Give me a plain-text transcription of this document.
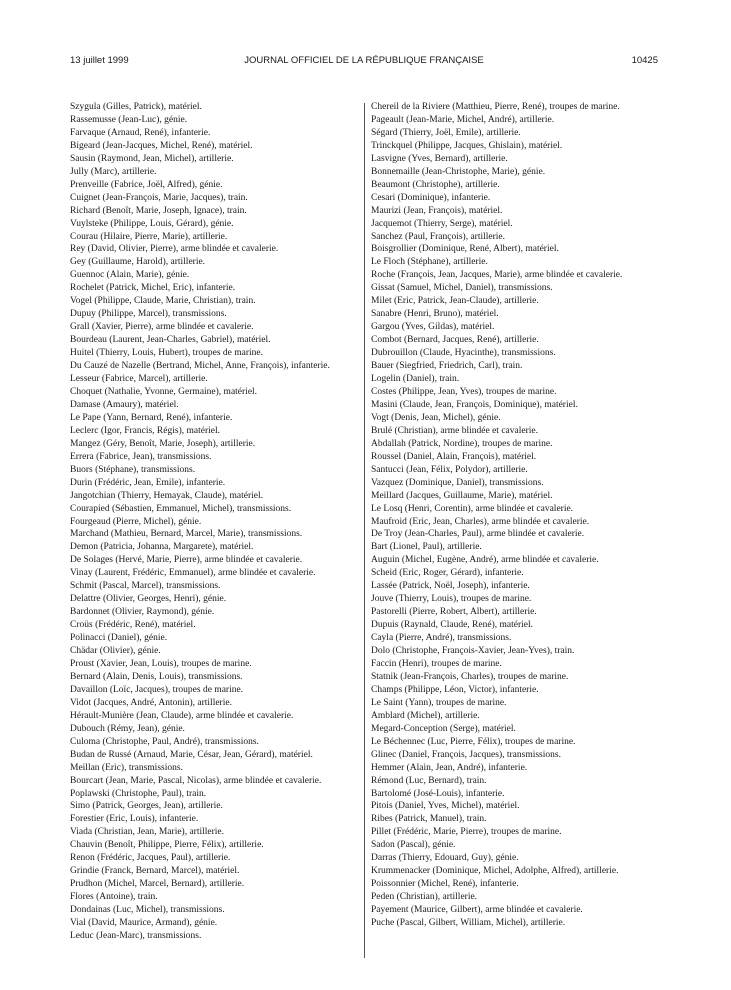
13 juillet 1999	JOURNAL OFFICIEL DE LA RÉPUBLIQUE FRANÇAISE	10425
Szygula (Gilles, Patrick), matériel.
Rassemusse (Jean-Luc), génie.
Farvaque (Arnaud, René), infanterie.
Bigeard (Jean-Jacques, Michel, René), matériel.
Sausin (Raymond, Jean, Michel), artillerie.
Jully (Marc), artillerie.
Prenveille (Fabrice, Joël, Alfred), génie.
Cuignet (Jean-François, Marie, Jacques), train.
Richard (Benoît, Marie, Joseph, Ignace), train.
Vuylsteke (Philippe, Louis, Gérard), génie.
Courau (Hilaire, Pierre, Marie), artillerie.
Rey (David, Olivier, Pierre), arme blindée et cavalerie.
Gey (Guillaume, Harold), artillerie.
Guennoc (Alain, Marie), génie.
Rochelet (Patrick, Michel, Eric), infanterie.
Vogel (Philippe, Claude, Marie, Christian), train.
Dupuy (Philippe, Marcel), transmissions.
Grall (Xavier, Pierre), arme blindée et cavalerie.
Bourdeau (Laurent, Jean-Charles, Gabriel), matériel.
Huitel (Thierry, Louis, Hubert), troupes de marine.
Du Cauzé de Nazelle (Bertrand, Michel, Anne, François), infanterie.
Lesseur (Fabrice, Marcel), artillerie.
Choquet (Nathalie, Yvonne, Germaine), matériel.
Damase (Amaury), matériel.
Le Pape (Yann, Bernard, René), infanterie.
Leclerc (Igor, Francis, Régis), matériel.
Mangez (Géry, Benoît, Marie, Joseph), artillerie.
Errera (Fabrice, Jean), transmissions.
Buors (Stéphane), transmissions.
Durin (Frédéric, Jean, Emile), infanterie.
Jangotchian (Thierry, Hemayak, Claude), matériel.
Courapied (Sébastien, Emmanuel, Michel), transmissions.
Fourgeaud (Pierre, Michel), génie.
Marchand (Mathieu, Bernard, Marcel, Marie), transmissions.
Demon (Patricia, Johanna, Margarete), matériel.
De Solages (Hervé, Marie, Pierre), arme blindée et cavalerie.
Vinay (Laurent, Frédéric, Emmanuel), arme blindée et cavalerie.
Schmit (Pascal, Marcel), transmissions.
Delattre (Olivier, Georges, Henri), génie.
Bardonnet (Olivier, Raymond), génie.
Croüs (Frédéric, René), matériel.
Polinacci (Daniel), génie.
Chädar (Olivier), génie.
Proust (Xavier, Jean, Louis), troupes de marine.
Bernard (Alain, Denis, Louis), transmissions.
Davaillon (Loïc, Jacques), troupes de marine.
Vidot (Jacques, André, Antonin), artillerie.
Hérault-Munière (Jean, Claude), arme blindée et cavalerie.
Dubouch (Rémy, Jean), génie.
Culoma (Christophe, Paul, André), transmissions.
Budan de Russé (Arnaud, Marie, César, Jean, Gérard), matériel.
Meillan (Eric), transmissions.
Bourcart (Jean, Marie, Pascal, Nicolas), arme blindée et cavalerie.
Poplawski (Christophe, Paul), train.
Simo (Patrick, Georges, Jean), artillerie.
Forestier (Eric, Louis), infanterie.
Viada (Christian, Jean, Marie), artillerie.
Chauvin (Benoît, Philippe, Pierre, Félix), artillerie.
Renon (Frédéric, Jacques, Paul), artillerie.
Grindie (Franck, Bernard, Marcel), matériel.
Prudhon (Michel, Marcel, Bernard), artillerie.
Flores (Antoine), train.
Dondainas (Luc, Michel), transmissions.
Vial (David, Maurice, Armand), génie.
Leduc (Jean-Marc), transmissions.
Chereil de la Riviere (Matthieu, Pierre, René), troupes de marine.
Pageault (Jean-Marie, Michel, André), artillerie.
Ségard (Thierry, Joël, Emile), artillerie.
Trinckquel (Philippe, Jacques, Ghislain), matériel.
Lasvigne (Yves, Bernard), artillerie.
Bonnemaille (Jean-Christophe, Marie), génie.
Beaumont (Christophe), artillerie.
Cesari (Dominique), infanterie.
Maurizi (Jean, François), matériel.
Jacquemot (Thierry, Serge), matériel.
Sanchez (Paul, François), artillerie.
Boisgrollier (Dominique, René, Albert), matériel.
Le Floch (Stéphane), artillerie.
Roche (François, Jean, Jacques, Marie), arme blindée et cavalerie.
Gissat (Samuel, Michel, Daniel), transmissions.
Milet (Eric, Patrick, Jean-Claude), artillerie.
Sanabre (Henri, Bruno), matériel.
Gargou (Yves, Gildas), matériel.
Combot (Bernard, Jacques, René), artillerie.
Dubrouillon (Claude, Hyacinthe), transmissions.
Bauer (Siegfried, Friedrich, Carl), train.
Logelin (Daniel), train.
Costes (Philippe, Jean, Yves), troupes de marine.
Masini (Claude, Jean, François, Dominique), matériel.
Vogt (Denis, Jean, Michel), génie.
Brulé (Christian), arme blindée et cavalerie.
Abdallah (Patrick, Nordine), troupes de marine.
Roussel (Daniel, Alain, François), matériel.
Santucci (Jean, Félix, Polydor), artillerie.
Vazquez (Dominique, Daniel), transmissions.
Meillard (Jacques, Guillaume, Marie), matériel.
Le Losq (Henri, Corentin), arme blindée et cavalerie.
Maufroid (Eric, Jean, Charles), arme blindée et cavalerie.
De Troy (Jean-Charles, Paul), arme blindée et cavalerie.
Bart (Lionel, Paul), artillerie.
Auguin (Michel, Eugène, André), arme blindée et cavalerie.
Scheid (Eric, Roger, Gérard), infanterie.
Lassée (Patrick, Noël, Joseph), infanterie.
Jouve (Thierry, Louis), troupes de marine.
Pastorelli (Pierre, Robert, Albert), artillerie.
Dupuis (Raynald, Claude, René), matériel.
Cayla (Pierre, André), transmissions.
Dolo (Christophe, François-Xavier, Jean-Yves), train.
Faccin (Henri), troupes de marine.
Statnik (Jean-François, Charles), troupes de marine.
Champs (Philippe, Léon, Victor), infanterie.
Le Saint (Yann), troupes de marine.
Amblard (Michel), artillerie.
Megard-Conception (Serge), matériel.
Le Béchennec (Luc, Pierre, Félix), troupes de marine.
Glinec (Daniel, François, Jacques), transmissions.
Hemmer (Alain, Jean, André), infanterie.
Rémond (Luc, Bernard), train.
Bartolomé (José-Louis), infanterie.
Pitois (Daniel, Yves, Michel), matériel.
Ribes (Patrick, Manuel), train.
Pillet (Frédéric, Marie, Pierre), troupes de marine.
Sadon (Pascal), génie.
Darras (Thierry, Edouard, Guy), génie.
Krummenacker (Dominique, Michel, Adolphe, Alfred), artillerie.
Poissonnier (Michel, René), infanterie.
Peden (Christian), artillerie.
Payement (Maurice, Gilbert), arme blindée et cavalerie.
Puche (Pascal, Gilbert, William, Michel), artillerie.
